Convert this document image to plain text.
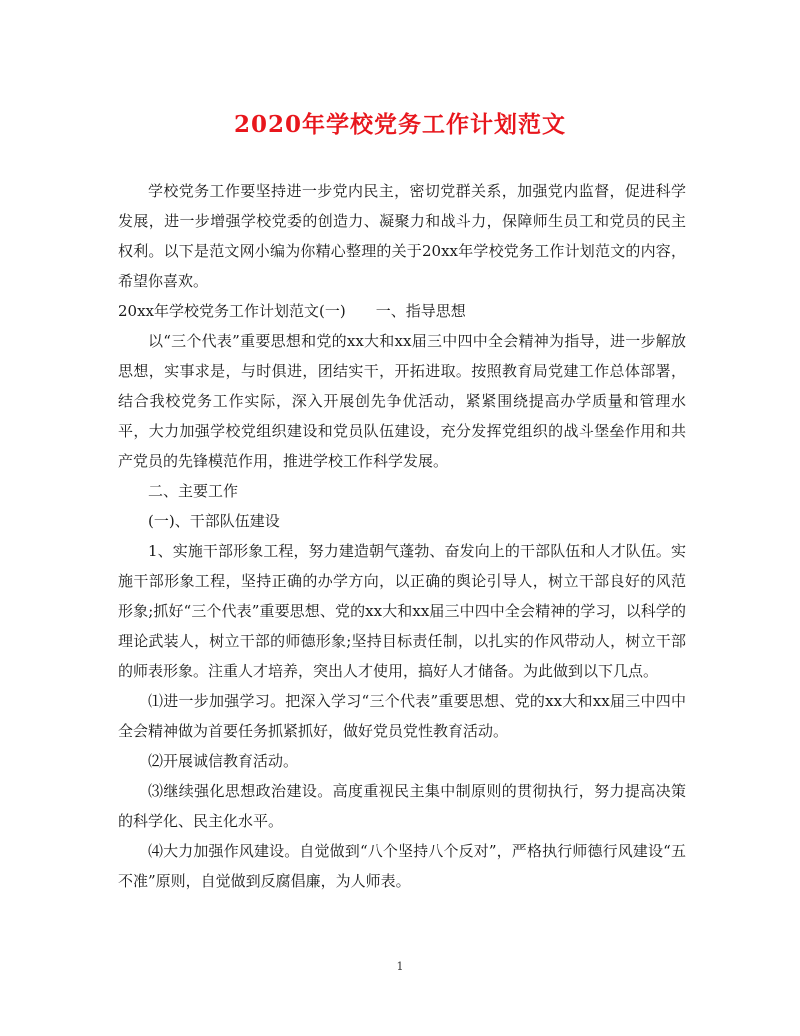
2020年学校党务工作计划范文

学校党务工作要坚持进一步党内民主，密切党群关系，加强党内监督，促进科学发展，进一步增强学校党委的创造力、凝聚力和战斗力，保障师生员工和党员的民主权利。以下是范文网小编为你精心整理的关于20xx年学校党务工作计划范文的内容，希望你喜欢。

20xx年学校党务工作计划范文(一)　　一、指导思想

以“三个代表”重要思想和党的xx大和xx届三中四中全会精神为指导，进一步解放思想，实事求是，与时俱进，团结实干，开拓进取。按照教育局党建工作总体部署，结合我校党务工作实际，深入开展创先争优活动，紧紧围绕提高办学质量和管理水平，大力加强学校党组织建设和党员队伍建设，充分发挥党组织的战斗堡垒作用和共产党员的先锋模范作用，推进学校工作科学发展。

二、主要工作

(一)、干部队伍建设

1、实施干部形象工程，努力建造朝气蓬勃、奋发向上的干部队伍和人才队伍。实施干部形象工程，坚持正确的办学方向，以正确的舆论引导人，树立干部良好的风范形象;抓好“三个代表”重要思想、党的xx大和xx届三中四中全会精神的学习，以科学的理论武装人，树立干部的师德形象;坚持目标责任制，以扎实的作风带动人，树立干部的师表形象。注重人才培养，突出人才使用，搞好人才储备。为此做到以下几点。

⑴进一步加强学习。把深入学习“三个代表”重要思想、党的xx大和xx届三中四中全会精神做为首要任务抓紧抓好，做好党员党性教育活动。

⑵开展诚信教育活动。

⑶继续强化思想政治建设。高度重视民主集中制原则的贯彻执行，努力提高决策的科学化、民主化水平。

⑷大力加强作风建设。自觉做到“八个坚持八个反对”，严格执行师德行风建设“五不准”原则，自觉做到反腐倡廉，为人师表。

1
